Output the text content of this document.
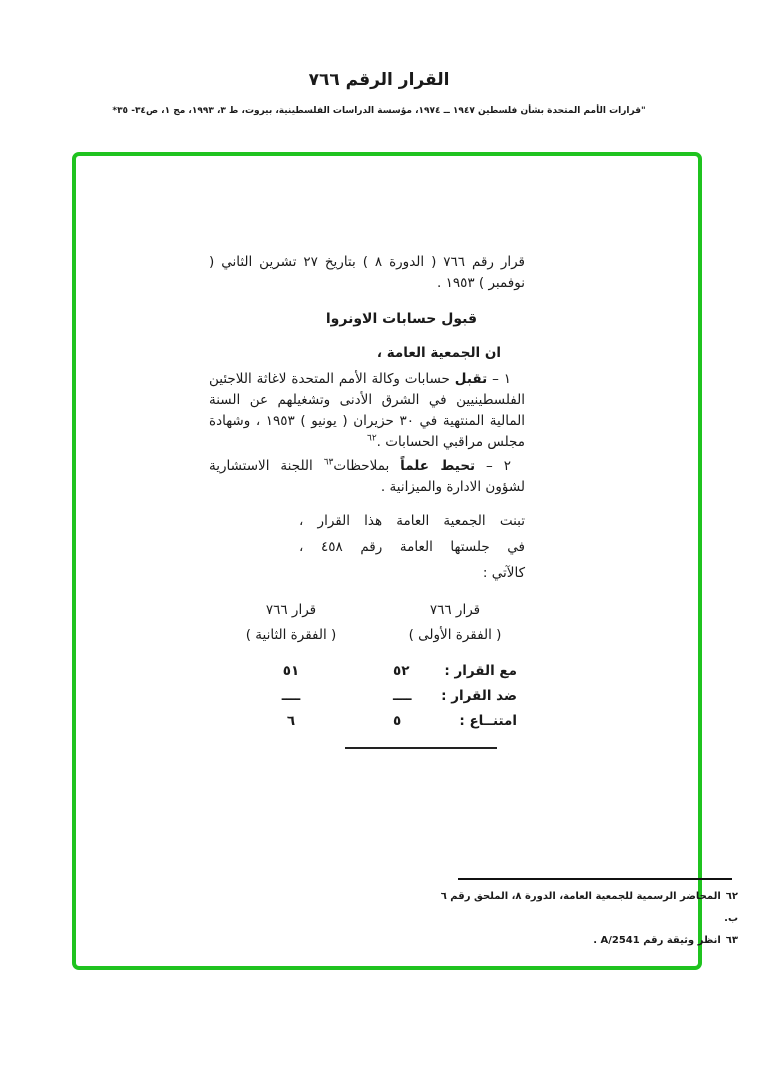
القرار الرقم ٧٦٦
"قرارات الأمم المتحدة بشأن فلسطين ١٩٤٧ ــ ١٩٧٤، مؤسسة الدراسات الفلسطينية، بيروت، ط ٣، ١٩٩٣، مج ١، ص٣٤- ٣٥*

قرار رقم ٧٦٦ ( الدورة ٨ ) بتاريخ ٢٧ تشرين الثاني ( نوفمبر ) ١٩٥٣ .

قبول حسابات الاونروا

ان الجمعية العامة ،

١ – تقبل حسابات وكالة الأمم المتحدة لاغاثة اللاجئين الفلسطينيين في الشرق الأدنى وتشغيلهم عن السنة المالية المنتهية في ٣٠ حزيران ( يونيو ) ١٩٥٣ ، وشهادة مجلس مراقبي الحسابات .$^{٦٢}$

٢ – تحيط علماً بملاحظات$^{٦٣}$ اللجنة الاستشارية لشؤون الادارة والميزانية .

تبنت الجمعية العامة هذا القرار ،

في جلستها العامة رقم ٤٥٨ ،

كالآتي :

قرار ٧٦٦
قرار ٧٦٦
( الفقرة الأولى )
( الفقرة الثانية )
مع القرار :
٥٢
٥١
ضد القرار :
ــــ
ــــ
امتنــاع :
٥
٦
٦٢المحاضر الرسمية للجمعية العامة، الدورة ٨، الملحق رقم ٦ ب.
٦٣انظر وثيقة رقم A/2541 .
